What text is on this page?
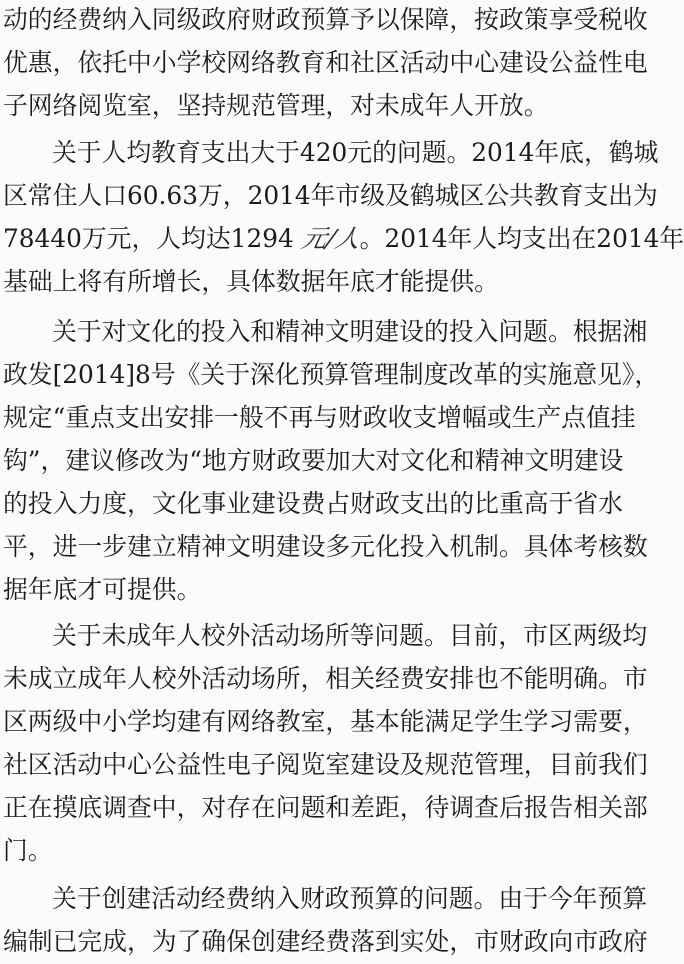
动的经费纳入同级政府财政预算予以保障，按政策享受税收
优惠，依托中小学校网络教育和社区活动中心建设公益性电
子网络阅览室，坚持规范管理，对未成年人开放。
关于人均教育支出大于420元的问题。2014年底，鹤城
区常住人口60.63万，2014年市级及鹤城区公共教育支出为
78440万元，人均达1294 元/人。2014年人均支出在2014年
基础上将有所增长，具体数据年底才能提供。
关于对文化的投入和精神文明建设的投入问题。根据湘
政发[2014]8号《关于深化预算管理制度改革的实施意见》，
规定“重点支出安排一般不再与财政收支增幅或生产点值挂
钩”，建议修改为“地方财政要加大对文化和精神文明建设
的投入力度，文化事业建设费占财政支出的比重高于省水
平，进一步建立精神文明建设多元化投入机制。具体考核数
据年底才可提供。
关于未成年人校外活动场所等问题。目前，市区两级均
未成立成年人校外活动场所，相关经费安排也不能明确。市
区两级中小学均建有网络教室，基本能满足学生学习需要，
社区活动中心公益性电子阅览室建设及规范管理，目前我们
正在摸底调查中，对存在问题和差距，待调查后报告相关部
门。
关于创建活动经费纳入财政预算的问题。由于今年预算
编制已完成，为了确保创建经费落到实处，市财政向市政府
